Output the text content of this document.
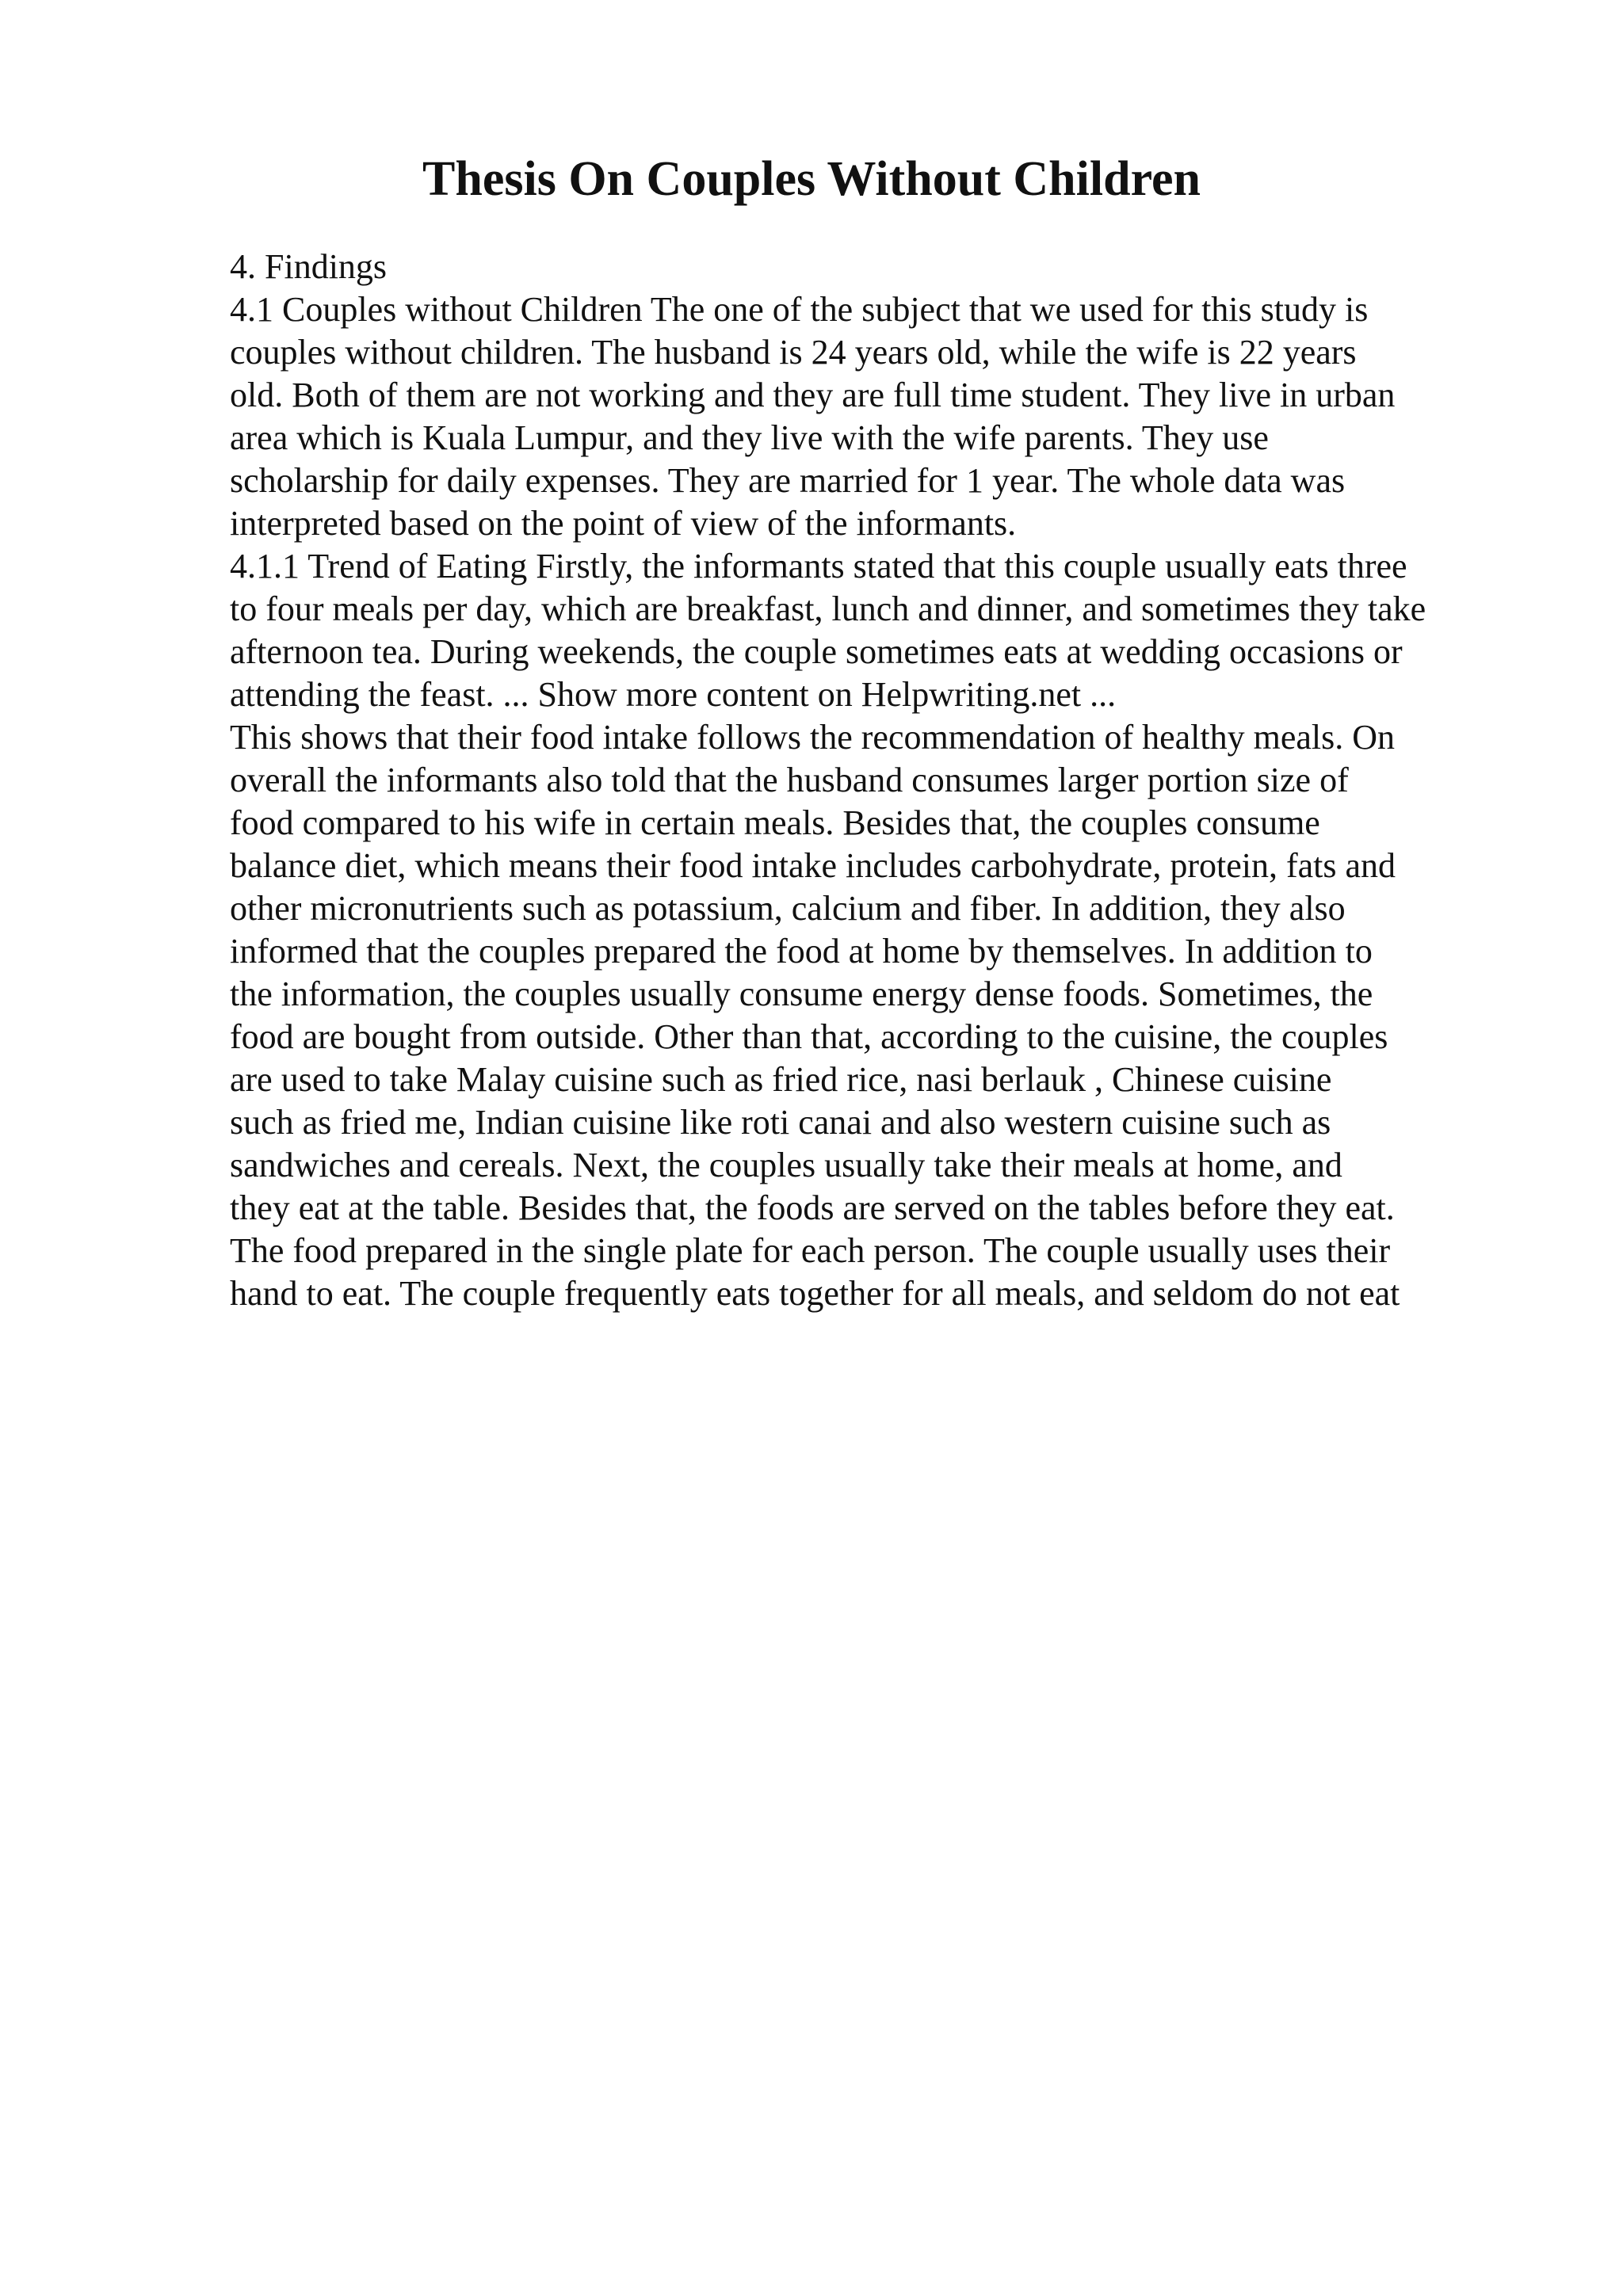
Thesis On Couples Without Children
4. Findings
4.1 Couples without Children The one of the subject that we used for this study is
couples without children. The husband is 24 years old, while the wife is 22 years
old. Both of them are not working and they are full time student. They live in urban
area which is Kuala Lumpur, and they live with the wife parents. They use
scholarship for daily expenses. They are married for 1 year. The whole data was
interpreted based on the point of view of the informants.
4.1.1 Trend of Eating Firstly, the informants stated that this couple usually eats three
to four meals per day, which are breakfast, lunch and dinner, and sometimes they take
afternoon tea. During weekends, the couple sometimes eats at wedding occasions or
attending the feast. ... Show more content on Helpwriting.net ...
This shows that their food intake follows the recommendation of healthy meals. On
overall the informants also told that the husband consumes larger portion size of
food compared to his wife in certain meals. Besides that, the couples consume
balance diet, which means their food intake includes carbohydrate, protein, fats and
other micronutrients such as potassium, calcium and fiber. In addition, they also
informed that the couples prepared the food at home by themselves. In addition to
the information, the couples usually consume energy dense foods. Sometimes, the
food are bought from outside. Other than that, according to the cuisine, the couples
are used to take Malay cuisine such as fried rice, nasi berlauk , Chinese cuisine
such as fried me, Indian cuisine like roti canai and also western cuisine such as
sandwiches and cereals. Next, the couples usually take their meals at home, and
they eat at the table. Besides that, the foods are served on the tables before they eat.
The food prepared in the single plate for each person. The couple usually uses their
hand to eat. The couple frequently eats together for all meals, and seldom do not eat
